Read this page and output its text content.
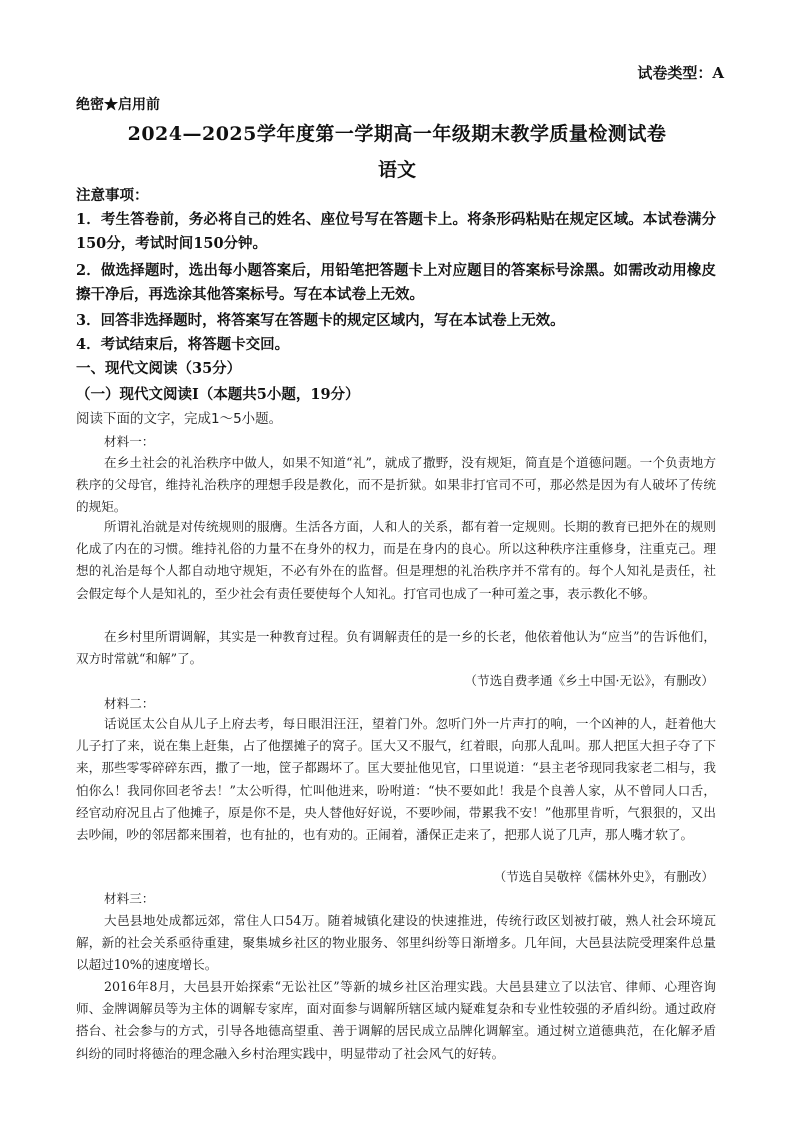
试卷类型：A
绝密★启用前
2024—2025学年度第一学期高一年级期末教学质量检测试卷
语文
注意事项：
1．考生答卷前，务必将自己的姓名、座位号写在答题卡上。将条形码粘贴在规定区域。本试卷满分150分，考试时间150分钟。
2．做选择题时，选出每小题答案后，用铅笔把答题卡上对应题目的答案标号涂黑。如需改动用橡皮擦干净后，再选涂其他答案标号。写在本试卷上无效。
3．回答非选择题时，将答案写在答题卡的规定区域内，写在本试卷上无效。
4．考试结束后，将答题卡交回。
一、现代文阅读（35分）
（一）现代文阅读Ⅰ（本题共5小题，19分）
阅读下面的文字，完成1～5小题。
材料一：

在乡土社会的礼治秩序中做人，如果不知道“礼”，就成了撒野，没有规矩，简直是个道德问题。一个负责地方秩序的父母官，维持礼治秩序的理想手段是教化，而不是折狱。如果非打官司不可，那必然是因为有人破坏了传统的规矩。

所谓礼治就是对传统规则的服膺。生活各方面，人和人的关系，都有着一定规则。长期的教育已把外在的规则化成了内在的习惯。维持礼俗的力量不在身外的权力，而是在身内的良心。所以这种秩序注重修身，注重克己。理想的礼治是每个人都自动地守规矩，不必有外在的监督。但是理想的礼治秩序并不常有的。每个人知礼是责任，社会假定每个人是知礼的，至少社会有责任要使每个人知礼。打官司也成了一种可羞之事，表示教化不够。

在乡村里所谓调解，其实是一种教育过程。负有调解责任的是一乡的长老，他依着他认为“应当”的告诉他们，双方时常就“和解”了。

（节选自费孝通《乡土中国·无讼》，有删改）
材料二：

话说匡太公自从儿子上府去考，每日眼泪汪汪，望着门外。忽听门外一片声打的响，一个凶神的人，赶着他大儿子打了来，说在集上赶集，占了他摆摊子的窝子。匡大又不服气，红着眼，向那人乱叫。那人把匡大担子夺了下来，那些零零碎碎东西，撒了一地，筐子都踢坏了。匡大要扯他见官，口里说道：“县主老爷现同我家老二相与，我怕你么！我同你回老爷去！”太公听得，忙叫他进来，吩咐道：“快不要如此！我是个良善人家，从不曾同人口舌，经官动府况且占了他摊子，原是你不是，央人替他好好说，不要吵闹，带累我不安！”他那里肯听，气狠狠的，又出去吵闹，吵的邻居都来围着，也有扯的，也有劝的。正闹着，潘保正走来了，把那人说了几声，那人嘴才软了。

（节选自吴敬梓《儒林外史》，有删改）
材料三：

大邑县地处成都远郊，常住人口54万。随着城镇化建设的快速推进，传统行政区划被打破，熟人社会环境瓦解，新的社会关系亟待重建，聚集城乡社区的物业服务、邻里纠纷等日渐增多。几年间，大邑县法院受理案件总量以超过10%的速度增长。

2016年8月，大邑县开始探索“无讼社区”等新的城乡社区治理实践。大邑县建立了以法官、律师、心理咨询师、金牌调解员等为主体的调解专家库，面对面参与调解所辖区域内疑难复杂和专业性较强的矛盾纠纷。通过政府搭台、社会参与的方式，引导各地德高望重、善于调解的居民成立品牌化调解室。通过树立道德典范，在化解矛盾纠纷的同时将德治的理念融入乡村治理实践中，明显带动了社会风气的好转。
